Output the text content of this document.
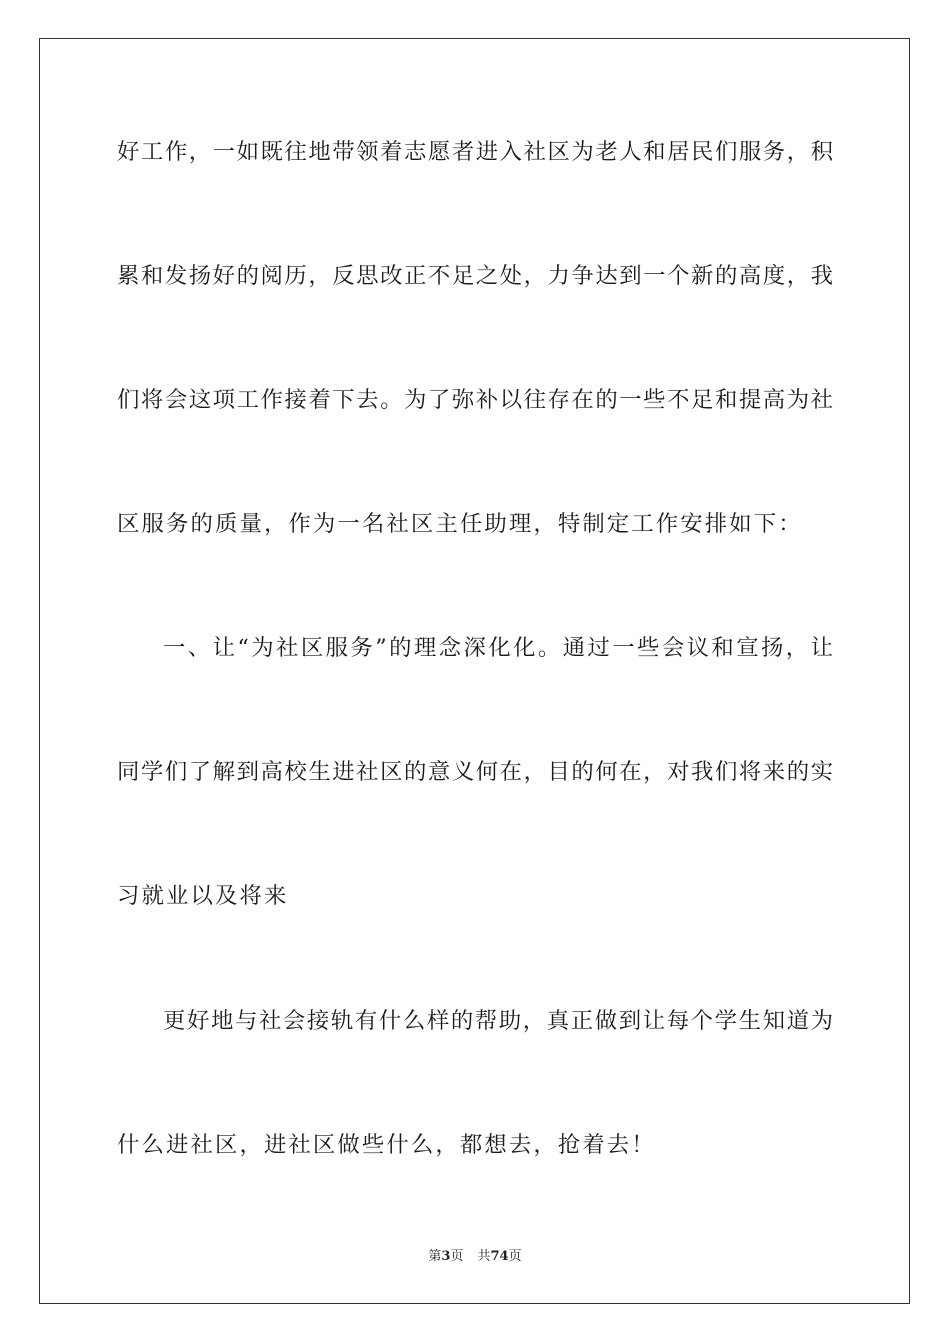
好工作，一如既往地带领着志愿者进入社区为老人和居民们服务，积
累和发扬好的阅历，反思改正不足之处，力争达到一个新的高度，我
们将会这项工作接着下去。为了弥补以往存在的一些不足和提高为社
区服务的质量，作为一名社区主任助理，特制定工作安排如下：
一、让“为社区服务”的理念深化化。通过一些会议和宣扬，让
同学们了解到高校生进社区的意义何在，目的何在，对我们将来的实
习就业以及将来
更好地与社会接轨有什么样的帮助，真正做到让每个学生知道为
什么进社区，进社区做些什么，都想去，抢着去！
第3页 共74页
